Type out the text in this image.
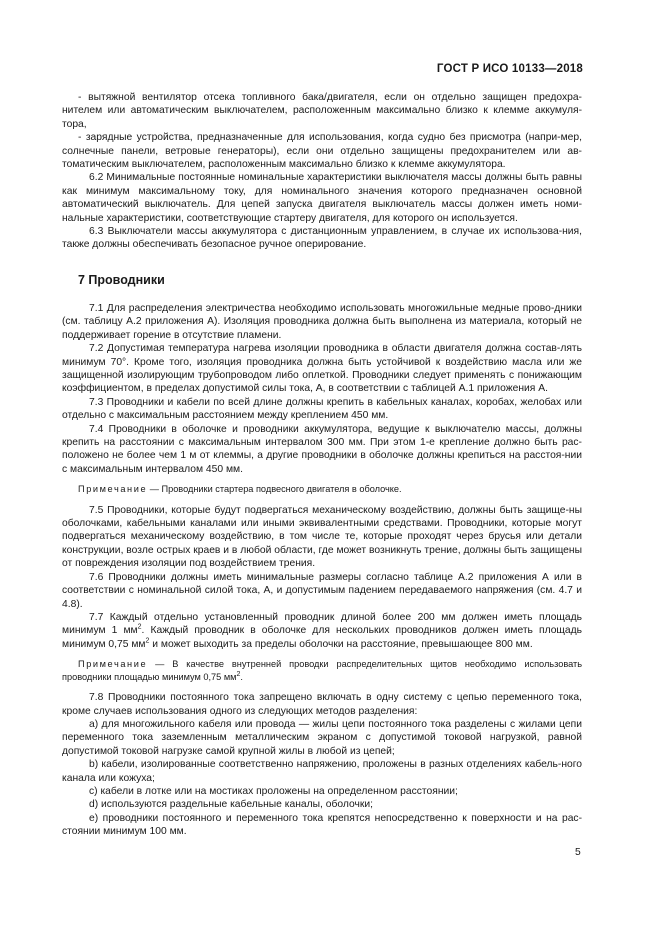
ГОСТ Р ИСО 10133—2018

- вытяжной вентилятор отсека топливного бака/двигателя, если он отдельно защищен предохра-нителем или автоматическим выключателем, расположенным максимально близко к клемме аккумуля-тора,

- зарядные устройства, предназначенные для использования, когда судно без присмотра (напри-мер, солнечные панели, ветровые генераторы), если они отдельно защищены предохранителем или ав-томатическим выключателем, расположенным максимально близко к клемме аккумулятора.

6.2 Минимальные постоянные номинальные характеристики выключателя массы должны быть равны как минимум максимальному току, для номинального значения которого предназначен основной автоматический выключатель. Для цепей запуска двигателя выключатель массы должен иметь номи-нальные характеристики, соответствующие стартеру двигателя, для которого он используется.

6.3 Выключатели массы аккумулятора с дистанционным управлением, в случае их использова-ния, также должны обеспечивать безопасное ручное оперирование.

7 Проводники

7.1 Для распределения электричества необходимо использовать многожильные медные прово-дники (см. таблицу А.2 приложения А). Изоляция проводника должна быть выполнена из материала, который не поддерживает горение в отсутствие пламени.

7.2 Допустимая температура нагрева изоляции проводника в области двигателя должна состав-лять минимум 70°. Кроме того, изоляция проводника должна быть устойчивой к воздействию масла или же защищенной изолирующим трубопроводом либо оплеткой. Проводники следует применять с понижающим коэффициентом, в пределах допустимой силы тока, А, в соответствии с таблицей А.1 приложения А.

7.3 Проводники и кабели по всей длине должны крепить в кабельных каналах, коробах, желобах или отдельно с максимальным расстоянием между креплением 450 мм.

7.4 Проводники в оболочке и проводники аккумулятора, ведущие к выключателю массы, должны крепить на расстоянии с максимальным интервалом 300 мм. При этом 1-е крепление должно быть рас-положено не более чем 1 м от клеммы, а другие проводники в оболочке должны крепиться на расстоя-нии с максимальным интервалом 450 мм.

Примечание — Проводники стартера подвесного двигателя в оболочке.

7.5 Проводники, которые будут подвергаться механическому воздействию, должны быть защище-ны оболочками, кабельными каналами или иными эквивалентными средствами. Проводники, которые могут подвергаться механическому воздействию, в том числе те, которые проходят через брусья или детали конструкции, возле острых краев и в любой области, где может возникнуть трение, должны быть защищены от повреждения изоляции под воздействием трения.

7.6 Проводники должны иметь минимальные размеры согласно таблице А.2 приложения А или в соответствии с номинальной силой тока, А, и допустимым падением передаваемого напряжения (см. 4.7 и 4.8).

7.7 Каждый отдельно установленный проводник длиной более 200 мм должен иметь площадь минимум 1 $мм^2$. Каждый проводник в оболочке для нескольких проводников должен иметь площадь минимум 0,75 $мм^2$ и может выходить за пределы оболочки на расстояние, превышающее 800 мм.

Примечание — В качестве внутренней проводки распределительных щитов необходимо использовать проводники площадью минимум 0,75 $мм^2$.

7.8 Проводники постоянного тока запрещено включать в одну систему с цепью переменного тока, кроме случаев использования одного из следующих методов разделения:

a) для многожильного кабеля или провода — жилы цепи постоянного тока разделены с жилами цепи переменного тока заземленным металлическим экраном с допустимой токовой нагрузкой, равной допустимой токовой нагрузке самой крупной жилы в любой из цепей;

b) кабели, изолированные соответственно напряжению, проложены в разных отделениях кабель-ного канала или кожуха;

c) кабели в лотке или на мостиках проложены на определенном расстоянии;

d) используются раздельные кабельные каналы, оболочки;

e) проводники постоянного и переменного тока крепятся непосредственно к поверхности и на рас-стоянии минимум 100 мм.

5
